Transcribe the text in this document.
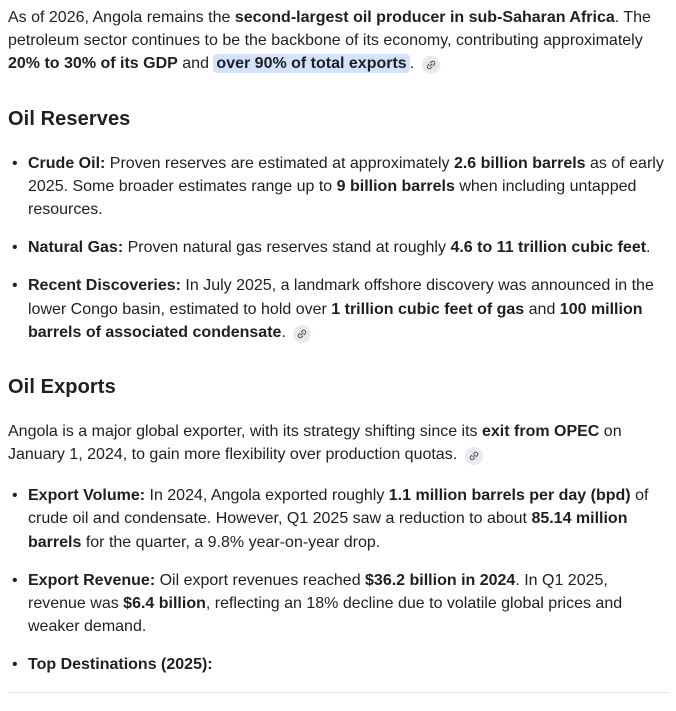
As of 2026, Angola remains the second-largest oil producer in sub-Saharan Africa. The petroleum sector continues to be the backbone of its economy, contributing approximately 20% to 30% of its GDP and over 90% of total exports .

Oil Reserves
• Crude Oil: Proven reserves are estimated at approximately 2.6 billion barrels as of early 2025. Some broader estimates range up to 9 billion barrels when including untapped resources.
• Natural Gas: Proven natural gas reserves stand at roughly 4.6 to 11 trillion cubic feet.
• Recent Discoveries: In July 2025, a landmark offshore discovery was announced in the lower Congo basin, estimated to hold over 1 trillion cubic feet of gas and 100 million barrels of associated condensate.
Oil Exports

Angola is a major global exporter, with its strategy shifting since its exit from OPEC on January 1, 2024, to gain more flexibility over production quotas.

• Export Volume: In 2024, Angola exported roughly 1.1 million barrels per day (bpd) of crude oil and condensate. However, Q1 2025 saw a reduction to about 85.14 million barrels for the quarter, a 9.8% year-on-year drop.
• Export Revenue: Oil export revenues reached $36.2 billion in 2024. In Q1 2025, revenue was $6.4 billion, reflecting an 18% decline due to volatile global prices and weaker demand.
• Top Destinations (2025):
